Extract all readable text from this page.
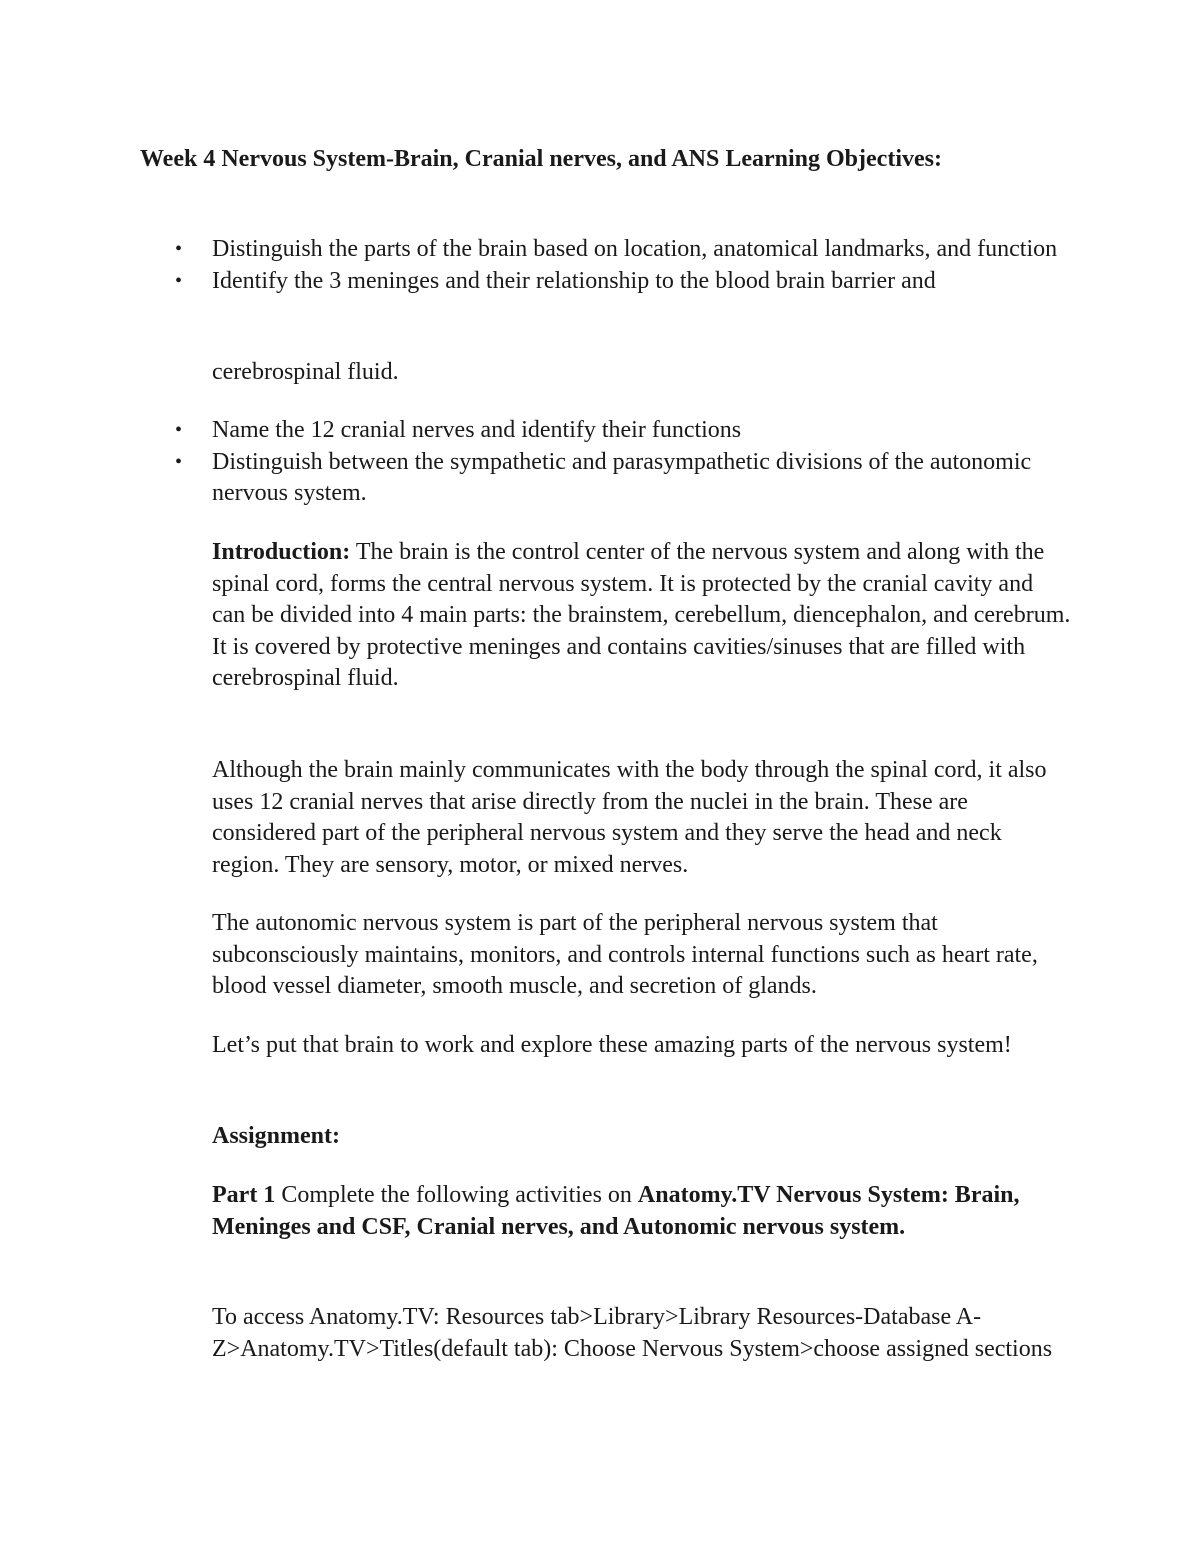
Week 4 Nervous System-Brain, Cranial nerves, and ANS Learning Objectives:

• Distinguish the parts of the brain based on location, anatomical landmarks, and function
• Identify the 3 meninges and their relationship to the blood brain barrier and
cerebrospinal fluid.
• Name the 12 cranial nerves and identify their functions
• Distinguish between the sympathetic and parasympathetic divisions of the autonomic nervous system.

Introduction: The brain is the control center of the nervous system and along with the spinal cord, forms the central nervous system. It is protected by the cranial cavity and can be divided into 4 main parts: the brainstem, cerebellum, diencephalon, and cerebrum. It is covered by protective meninges and contains cavities/sinuses that are filled with cerebrospinal fluid.

Although the brain mainly communicates with the body through the spinal cord, it also uses 12 cranial nerves that arise directly from the nuclei in the brain. These are considered part of the peripheral nervous system and they serve the head and neck region. They are sensory, motor, or mixed nerves.

The autonomic nervous system is part of the peripheral nervous system that subconsciously maintains, monitors, and controls internal functions such as heart rate, blood vessel diameter, smooth muscle, and secretion of glands.

Let’s put that brain to work and explore these amazing parts of the nervous system!

Assignment:

Part 1 Complete the following activities on Anatomy.TV Nervous System: Brain, Meninges and CSF, Cranial nerves, and Autonomic nervous system.

To access Anatomy.TV: Resources tab>Library>Library Resources-Database A- Z>Anatomy.TV>Titles(default tab): Choose Nervous System>choose assigned sections
